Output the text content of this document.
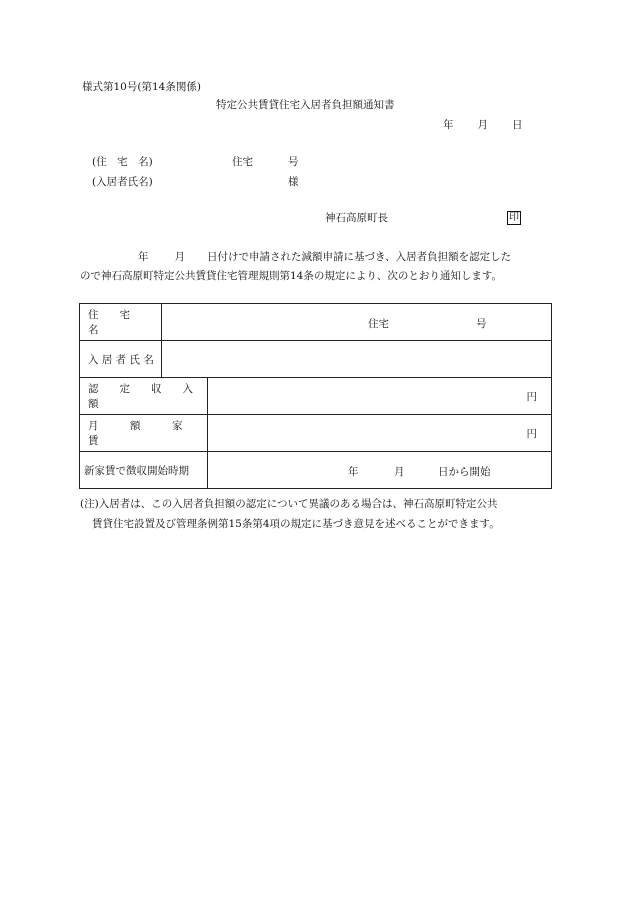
様式第10号(第14条関係)
特定公共賃貸住宅入居者負担額通知書
年 月 日
(住　宅　名)	住宅	号
(入居者氏名)	様
神石高原町長	印
年 月 日付けで申請された減額申請に基づき、入居者負担額を認定した
ので神石高原町特定公共賃貸住宅管理規則第14条の規定により、次のとおり通知します。
住　　宅　　名	住宅 号	

入 居 者 氏 名		
認　　定　　収　　入　　額		円
月　　　額　　　家　　　賃		円
新家賃で徴収開始時期		年 月 日から開始
(注)入居者は、この入居者負担額の認定について異議のある場合は、神石高原町特定公共
賃貸住宅設置及び管理条例第15条第4項の規定に基づき意見を述べることができます。
